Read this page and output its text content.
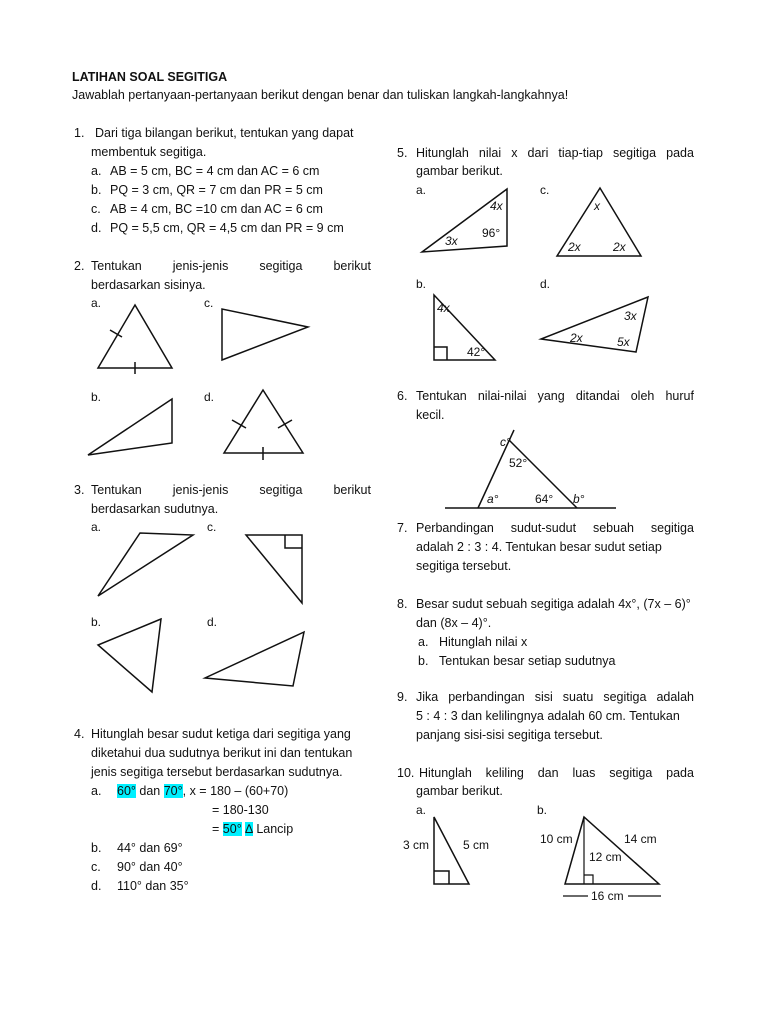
LATIHAN SOAL SEGITIGA
Jawablah pertanyaan-pertanyaan berikut dengan benar dan tuliskan langkah-langkahnya!
1. Dari tiga bilangan berikut, tentukan yang dapat
membentuk segitiga.
a. AB = 5 cm, BC = 4 cm dan AC = 6 cm
b. PQ = 3 cm, QR = 7 cm dan PR = 5 cm
c. AB = 4 cm, BC =10 cm dan AC = 6 cm
d. PQ = 5,5 cm, QR = 4,5 cm dan PR = 9 cm
2. Tentukan jenis-jenis segitiga berikut
berdasarkan sisinya.
a.	c.
b.	d.
3. Tentukan jenis-jenis segitiga berikut
berdasarkan sudutnya.
a.	c.
b.	d.
4. Hitunglah besar sudut ketiga dari segitiga yang
diketahui dua sudutnya berikut ini dan tentukan
jenis segitiga tersebut berdasarkan sudutnya.
a. 60° dan 70°, x = 180 – (60+70)
= 180-130
= 50° ∆ Lancip
b. 44° dan 69°
c. 90° dan 40°
d. 110° dan 35°
5. Hitunglah nilai x dari tiap-tiap segitiga pada
gambar berikut.
a.	c.
b.	d.
4x
96°
3x
x
2x	2x
4x
42°
3x
2x	5x
6. Tentukan nilai-nilai yang ditandai oleh huruf
kecil.
c°
52°
a°	64° b°
7. Perbandingan sudut-sudut sebuah segitiga
adalah 2 : 3 : 4. Tentukan besar sudut setiap
segitiga tersebut.
8. Besar sudut sebuah segitiga adalah 4x°, (7x – 6)°
dan (8x – 4)°.
a. Hitunglah nilai x
b. Tentukan besar setiap sudutnya
9. Jika perbandingan sisi suatu segitiga adalah
5 : 4 : 3 dan kelilingnya adalah 60 cm. Tentukan
panjang sisi-sisi segitiga tersebut.
10. Hitunglah keliling dan luas segitiga pada
gambar berikut.
a.	b.
3 cm	5 cm	10 cm	14 cm
12 cm
16 cm
